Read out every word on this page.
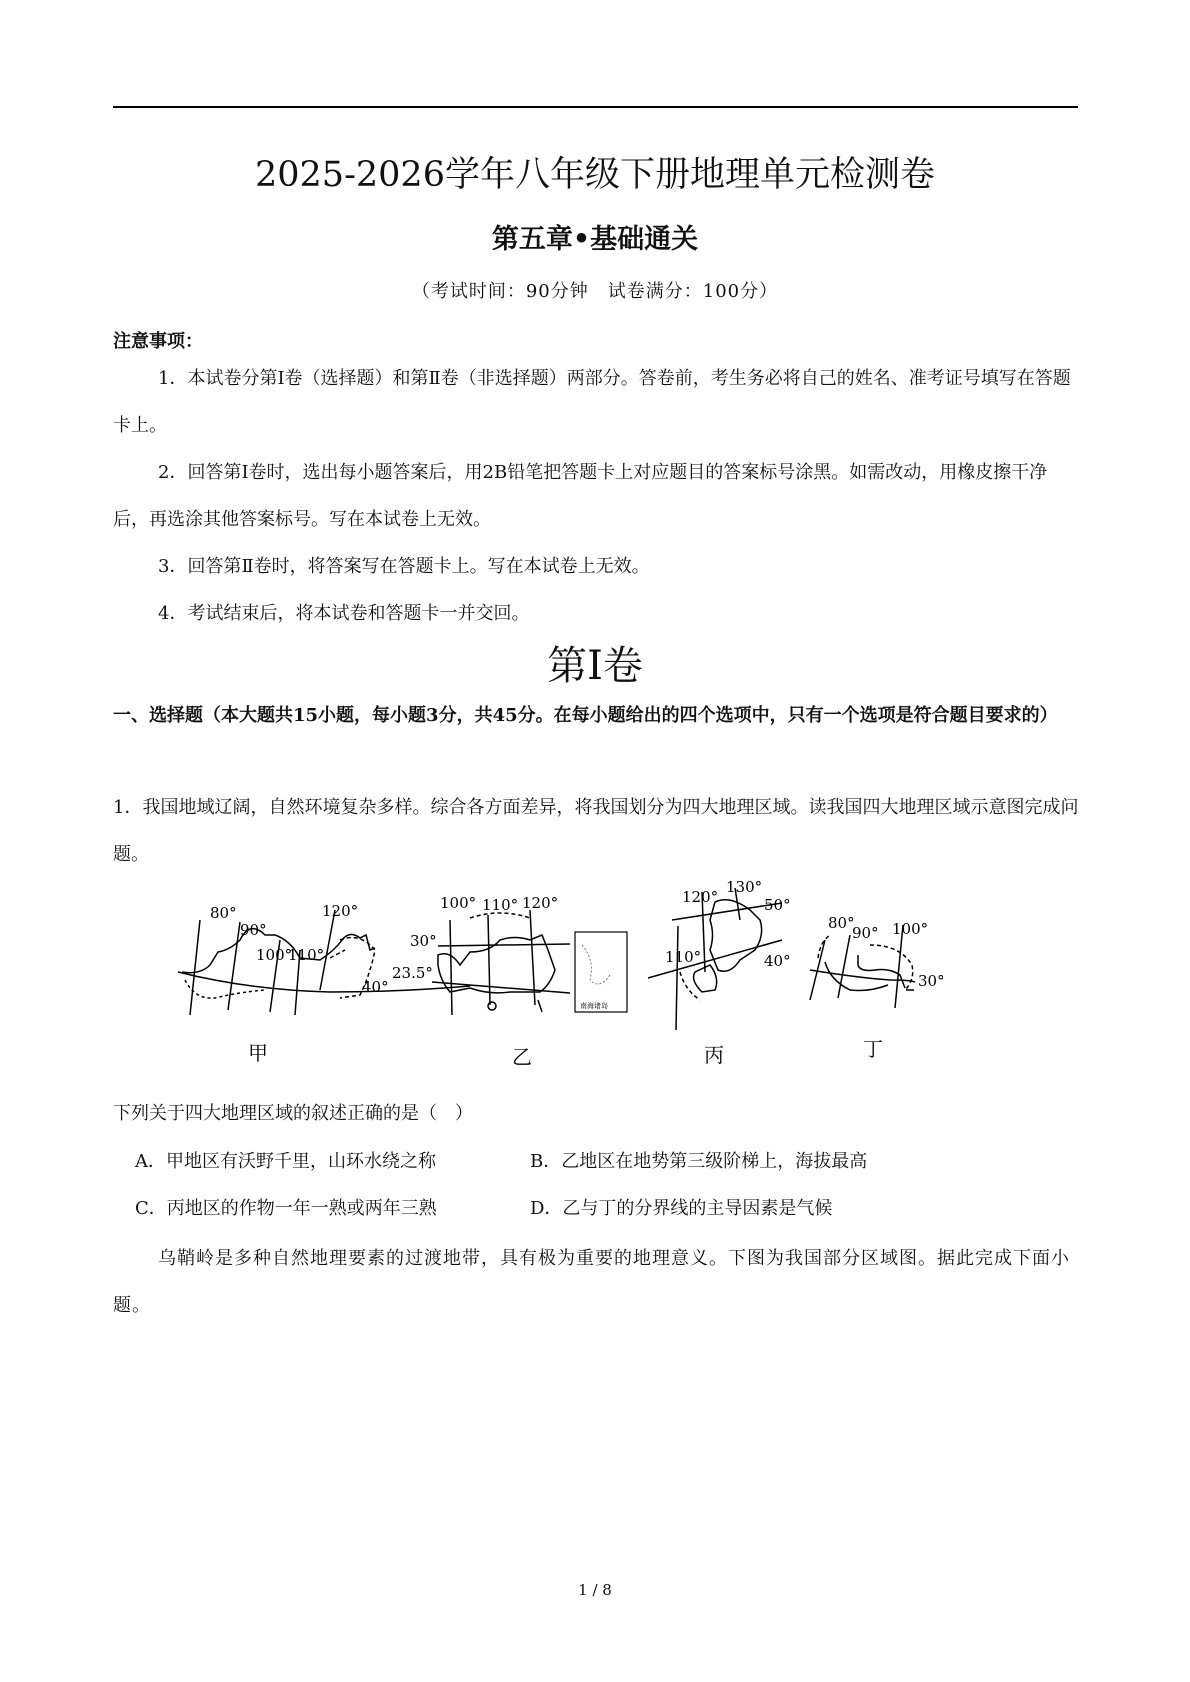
2025-2026学年八年级下册地理单元检测卷
第五章•基础通关
（考试时间：90分钟　试卷满分：100分）
注意事项：

1．本试卷分第Ⅰ卷（选择题）和第Ⅱ卷（非选择题）两部分。答卷前，考生务必将自己的姓名、准考证号填写在答题卡上。

2．回答第Ⅰ卷时，选出每小题答案后，用2B铅笔把答题卡上对应题目的答案标号涂黑。如需改动，用橡皮擦干净后，再选涂其他答案标号。写在本试卷上无效。

3．回答第Ⅱ卷时，将答案写在答题卡上。写在本试卷上无效。

4．考试结束后，将本试卷和答题卡一并交回。

第Ⅰ卷
一、选择题（本大题共15小题，每小题3分，共45分。在每小题给出的四个选项中，只有一个选项是符合题目要求的）

1．我国地域辽阔，自然环境复杂多样。综合各方面差异，将我国划分为四大地理区域。读我国四大地理区域示意图完成问题。

80°
90°
100°
110°
120°
40°
甲
100° 110° 120°
30°
23.5°
乙
南海诸岛
120°
130°
50°
110°	40°
丙
80°
90° 100°
30°
丁
下列关于四大地理区域的叙述正确的是（　）
A．甲地区有沃野千里，山环水绕之称	B．乙地区在地势第三级阶梯上，海拔最高
C．丙地区的作物一年一熟或两年三熟	D．乙与丁的分界线的主导因素是气候

乌鞘岭是多种自然地理要素的过渡地带，具有极为重要的地理意义。下图为我国部分区域图。据此完成下面小题。

1 / 8
